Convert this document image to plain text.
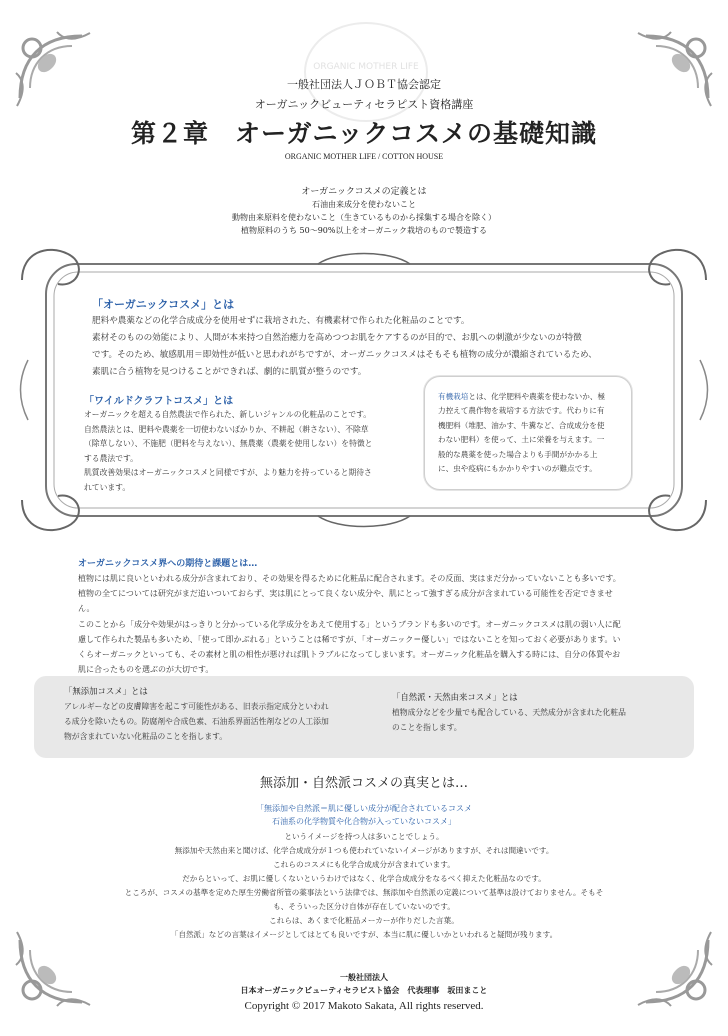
ORGANIC MOTHER LIFE
一般社団法人ＪＯＢＴ協会認定
オーガニックビューティセラピスト資格講座
第２章　オーガニックコスメの基礎知識
ORGANIC MOTHER LIFE / COTTON HOUSE
オーガニックコスメの定義とは
石油由来成分を使わないこと
動物由来原料を使わないこと（生きているものから採集する場合を除く）
植物原料のうち 50〜90%以上をオーガニック栽培のもので製造する
「オーガニックコスメ」とは

肥料や農薬などの化学合成成分を使用せずに栽培された、有機素材で作られた化粧品のことです。

素材そのものの効能により、人間が本来持つ自然治癒力を高めつつお肌をケアするのが目的で、お肌への刺激が少ないのが特徴

です。そのため、敏感肌用＝即効性が低いと思われがちですが、オーガニックコスメはそもそも植物の成分が濃縮されているため、

素肌に合う植物を見つけることができれば、劇的に肌質が整うのです。

「ワイルドクラフトコスメ」とは

オーガニックを超える自然農法で作られた、新しいジャンルの化粧品のことです。

自然農法とは、肥料や農薬を一切使わないばかりか、不耕起（耕さない）、不除草

（除草しない）、不施肥（肥料を与えない）、無農薬（農薬を使用しない）を特徴と

する農法です。

肌質改善効果はオーガニックコスメと同様ですが、より魅力を持っていると期待さ

れています。

有機栽培とは、化学肥料や農薬を使わないか、極

力控えて農作物を栽培する方法です。代わりに有

機肥料（堆肥、油かす、牛糞など、合成成分を使

わない肥料）を使って、土に栄養を与えます。一

般的な農薬を使った場合よりも手間がかかる上

に、虫や疫病にもかかりやすいのが難点です。

オーガニックコスメ界への期待と課題とは…

植物には肌に良いといわれる成分が含まれており、その効果を得るために化粧品に配合されます。その反面、実はまだ分かっていないことも多いです。

植物の全てについては研究がまだ追いついておらず、実は肌にとって良くない成分や、肌にとって強すぎる成分が含まれている可能性を否定できませ

ん。

このことから「成分や効果がはっきりと分かっている化学成分をあえて使用する」というブランドも多いのです。オーガニックコスメは肌の弱い人に配

慮して作られた製品も多いため、「使って即かぶれる」ということは稀ですが、「オーガニック＝優しい」ではないことを知っておく必要があります。い

くらオーガニックといっても、その素材と肌の相性が悪ければ肌トラブルになってしまいます。オーガニック化粧品を購入する時には、自分の体質やお

肌に合ったものを選ぶのが大切です。

「無添加コスメ」とは

アレルギーなどの皮膚障害を起こす可能性がある、旧表示指定成分といわれ

る成分を除いたもの。防腐剤や合成色素、石油系界面活性剤などの人工添加

物が含まれていない化粧品のことを指します。

「自然派・天然由来コスメ」とは

植物成分などを少量でも配合している、天然成分が含まれた化粧品

のことを指します。

無添加・自然派コスメの真実とは…

「無添加や自然派＝肌に優しい成分が配合されているコスメ

石油系の化学物質や化合物が入っていないコスメ」

というイメージを持つ人は多いことでしょう。

無添加や天然由来と聞けば、化学合成成分が１つも使われていないイメージがありますが、それは間違いです。

これらのコスメにも化学合成成分が含まれています。

だからといって、お肌に優しくないというわけではなく、化学合成成分をなるべく抑えた化粧品なのです。

ところが、コスメの基準を定めた厚生労働省所管の薬事法という法律では、無添加や自然派の定義について基準は設けておりません。そもそ

も、そういった区分け自体が存在していないのです。

これらは、あくまで化粧品メーカーが作りだした言葉。

「自然派」などの言葉はイメージとしてはとても良いですが、本当に肌に優しいかといわれると疑問が残ります。

一般社団法人
日本オーガニックビューティセラピスト協会　代表理事　坂田まこと
Copyright © 2017 Makoto Sakata, All rights reserved.
